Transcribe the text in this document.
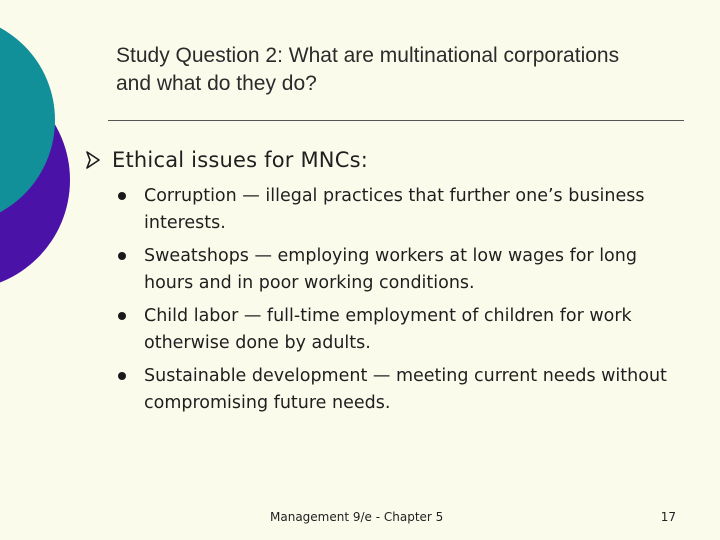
Study Question 2: What are multinational corporations and what do they do?
Ethical issues for MNCs:
Corruption — illegal practices that further one’s business interests.
Sweatshops — employing workers at low wages for long hours and in poor working conditions.
Child labor — full-time employment of children for work otherwise done by adults.
Sustainable development — meeting current needs without compromising future needs.
Management 9/e - Chapter 5	17
